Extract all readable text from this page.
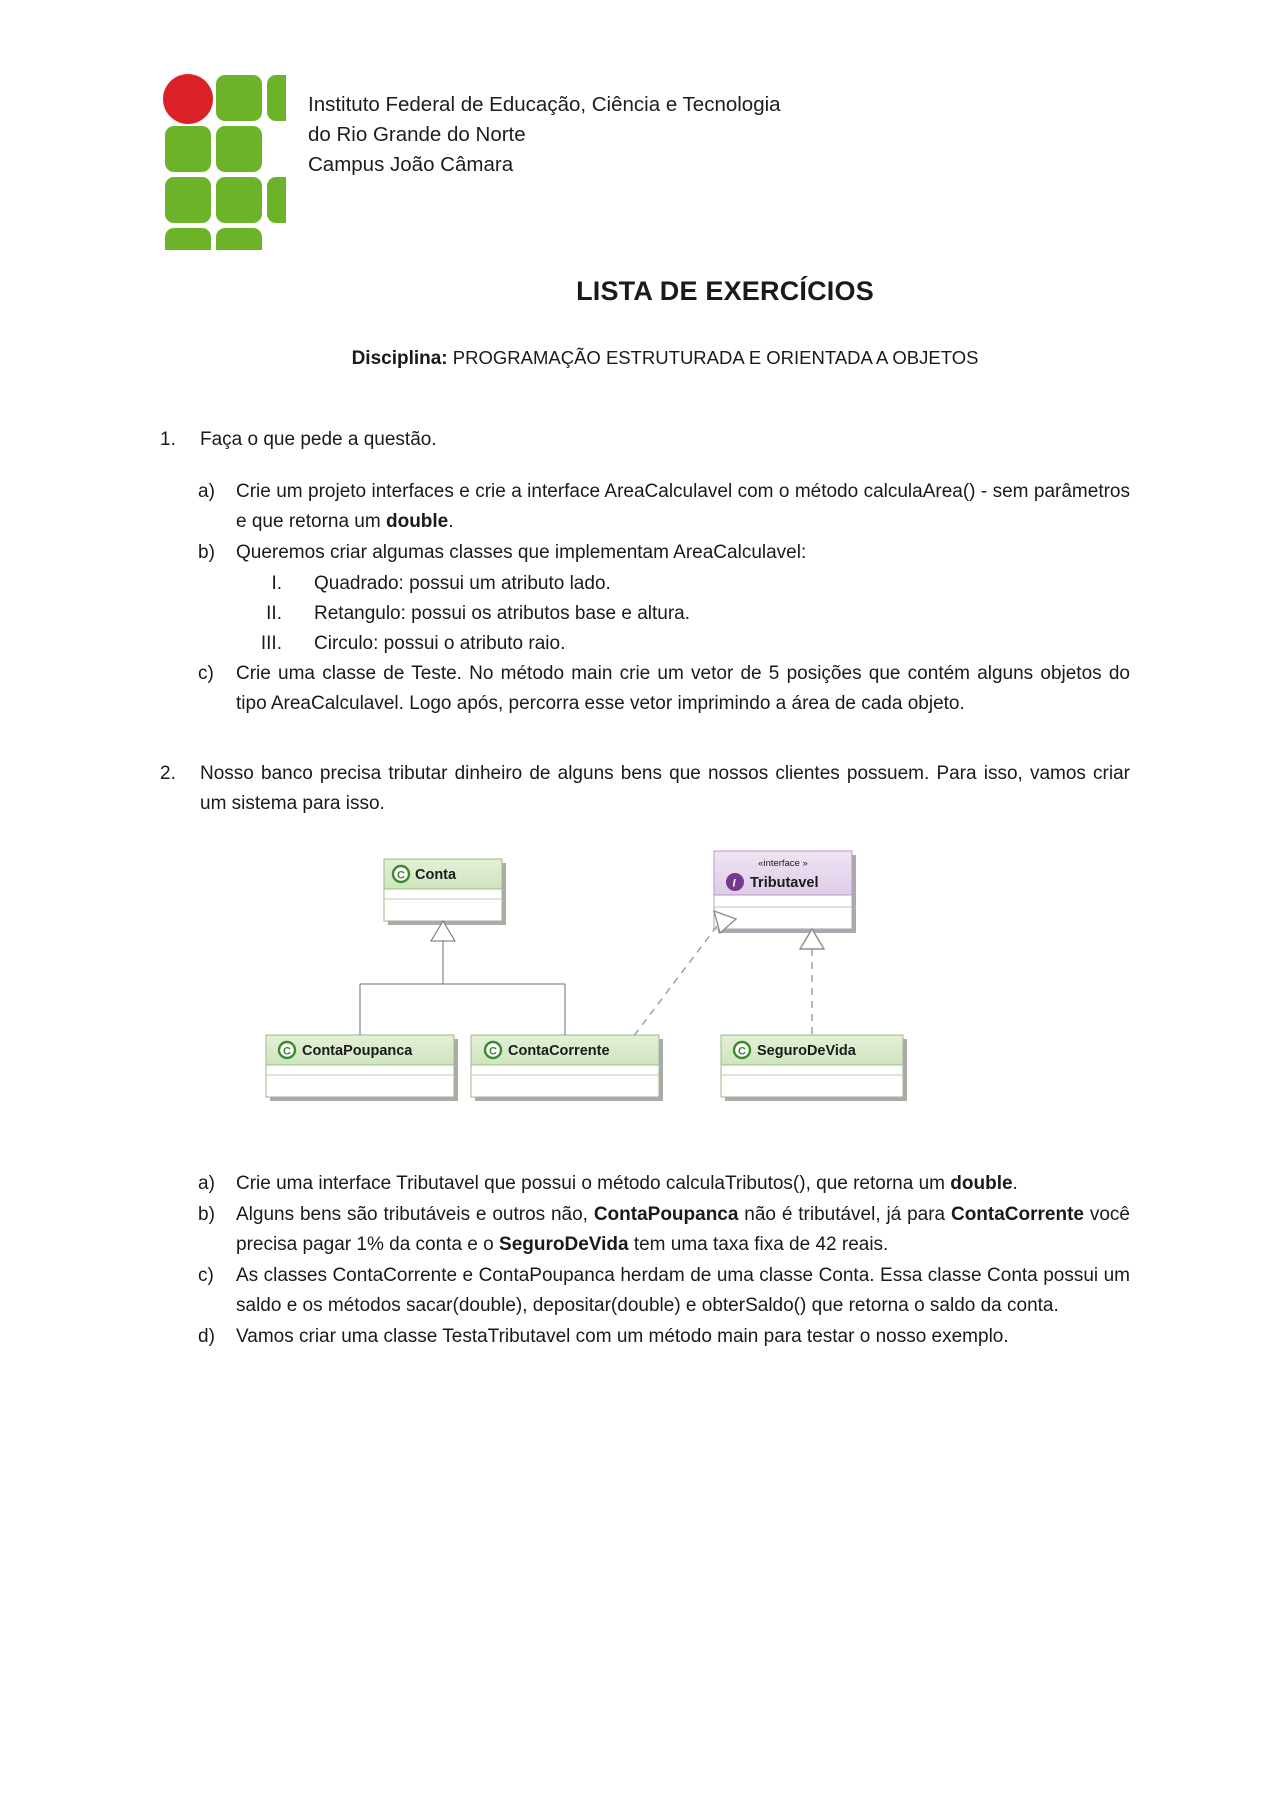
Instituto Federal de Educação, Ciência e Tecnologia
do Rio Grande do Norte
Campus João Câmara
LISTA DE EXERCÍCIOS
Disciplina: PROGRAMAÇÃO ESTRUTURADA E ORIENTADA A OBJETOS
1.	Faça o que pede a questão.
a)	Crie um projeto interfaces e crie a interface AreaCalculavel com o método calculaArea() - sem parâmetros e que retorna um double.
b)	Queremos criar algumas classes que implementam AreaCalculavel:
I.	Quadrado: possui um atributo lado.
II.	Retangulo: possui os atributos base e altura.
III.	Circulo: possui o atributo raio.
c)	Crie uma classe de Teste. No método main crie um vetor de 5 posições que contém alguns objetos do tipo AreaCalculavel. Logo após, percorra esse vetor imprimindo a área de cada objeto.
2.	Nosso banco precisa tributar dinheiro de alguns bens que nossos clientes possuem. Para isso, vamos criar um sistema para isso.
C Conta
«interface »
I Tributavel
C ContaPoupanca	C ContaCorrente	C SeguroDeVida
a)	Crie uma interface Tributavel que possui o método calculaTributos(), que retorna um double.
b)	Alguns bens são tributáveis e outros não, ContaPoupanca não é tributável, já para ContaCorrente você precisa pagar 1% da conta e o SeguroDeVida tem uma taxa fixa de 42 reais.
c)	As classes ContaCorrente e ContaPoupanca herdam de uma classe Conta. Essa classe Conta possui um saldo e os métodos sacar(double), depositar(double) e obterSaldo() que retorna o saldo da conta.
d)	Vamos criar uma classe TestaTributavel com um método main para testar o nosso exemplo.
